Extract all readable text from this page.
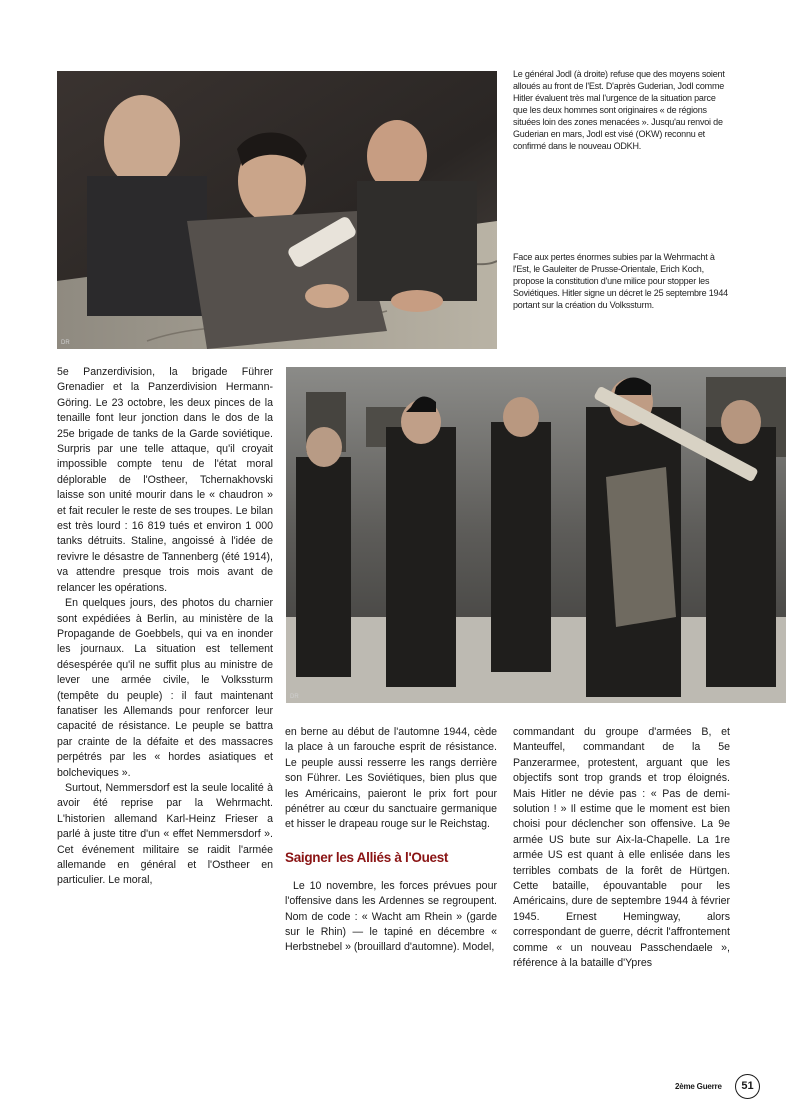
DR
Le général Jodl (à droite) refuse que des moyens soient alloués au front de l'Est. D'après Guderian, Jodl comme Hitler évaluent très mal l'urgence de la situation parce que les deux hommes sont originaires « de régions situées loin des zones menacées ». Jusqu'au renvoi de Guderian en mars, Jodl est visé (OKW) reconnu et confirmé dans le nouveau ODKH.
Face aux pertes énormes subies par la Wehrmacht à l'Est, le Gauleiter de Prusse-Orientale, Erich Koch, propose la constitution d'une milice pour stopper les Soviétiques. Hitler signe un décret le 25 septembre 1944 portant sur la création du Volkssturm.
DR

5e Panzerdivision, la brigade Führer Grenadier et la Panzerdivision Hermann-Göring. Le 23 octobre, les deux pinces de la tenaille font leur jonction dans le dos de la 25e brigade de tanks de la Garde soviétique. Surpris par une telle attaque, qu'il croyait impossible compte tenu de l'état moral déplorable de l'Ostheer, Tchernakhovski laisse son unité mourir dans le « chaudron » et fait reculer le reste de ses troupes. Le bilan est très lourd : 16 819 tués et environ 1 000 tanks détruits. Staline, angoissé à l'idée de revivre le désastre de Tannenberg (été 1914), va attendre presque trois mois avant de relancer les opérations.

En quelques jours, des photos du charnier sont expédiées à Berlin, au ministère de la Propagande de Goebbels, qui va en inonder les journaux. La situation est tellement désespérée qu'il ne suffit plus au ministre de lever une armée civile, le Volkssturm (tempête du peuple) : il faut maintenant fanatiser les Allemands pour renforcer leur capacité de résistance. Le peuple se battra par crainte de la défaite et des massacres perpétrés par les « hordes asiatiques et bolcheviques ».

Surtout, Nemmersdorf est la seule localité à avoir été reprise par la Wehrmacht. L'historien allemand Karl-Heinz Frieser a parlé à juste titre d'un « effet Nemmersdorf ». Cet événement militaire se raidit l'armée allemande en général et l'Ostheer en particulier. Le moral,

en berne au début de l'automne 1944, cède la place à un farouche esprit de résistance. Le peuple aussi resserre les rangs derrière son Führer. Les Soviétiques, bien plus que les Américains, paieront le prix fort pour pénétrer au cœur du sanctuaire germanique et hisser le drapeau rouge sur le Reichstag.

Saigner les Alliés à l'Ouest

Le 10 novembre, les forces prévues pour l'offensive dans les Ardennes se regroupent. Nom de code : « Wacht am Rhein » (garde sur le Rhin) — le tapiné en décembre « Herbstnebel » (brouillard d'automne). Model,

commandant du groupe d'armées B, et Manteuffel, commandant de la 5e Panzerarmee, protestent, arguant que les objectifs sont trop grands et trop éloignés. Mais Hitler ne dévie pas : « Pas de demi-solution ! » Il estime que le moment est bien choisi pour déclencher son offensive. La 9e armée US bute sur Aix-la-Chapelle. La 1re armée US est quant à elle enlisée dans les terribles combats de la forêt de Hürtgen. Cette bataille, épouvantable pour les Américains, dure de septembre 1944 à février 1945. Ernest Hemingway, alors correspondant de guerre, décrit l'affrontement comme « un nouveau Passchendaele », référence à la bataille d'Ypres

2ème Guerre	51
